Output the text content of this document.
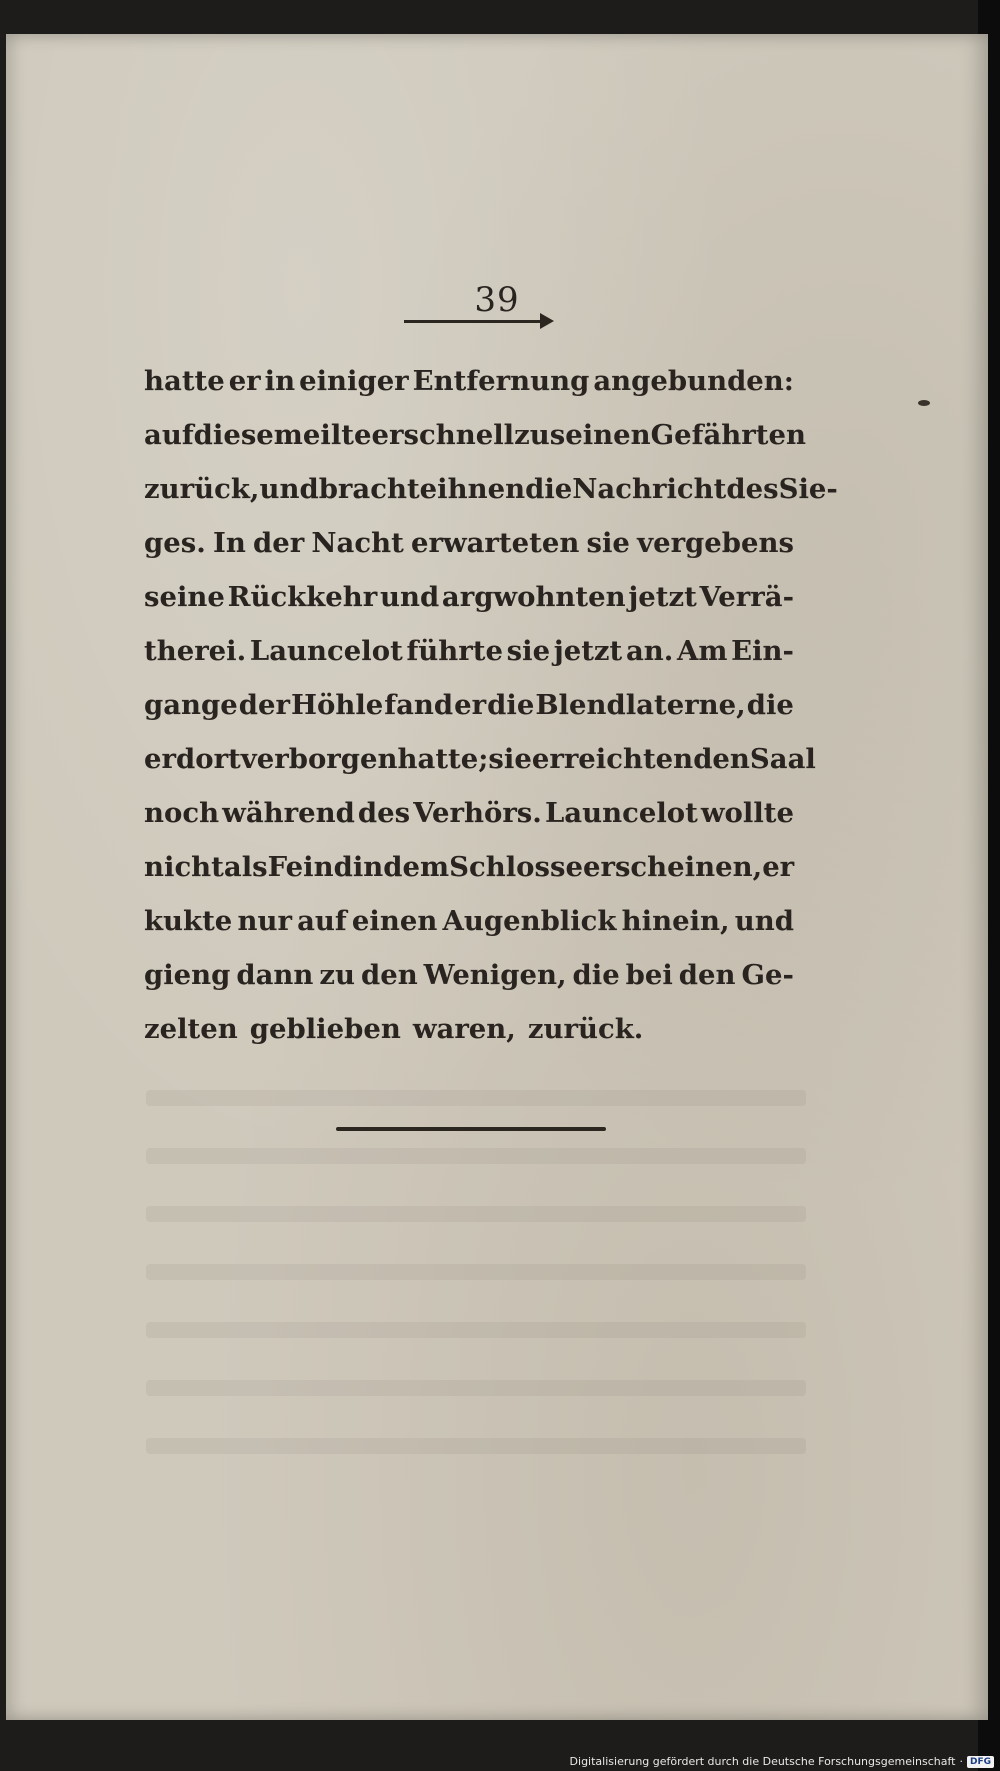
39
hatte er in einiger Entfernung angebunden:
auf diesem eilte er schnell zu seinen Gefährten
zurück, und brachte ihnen die Nachricht des Sie-
ges. In der Nacht erwarteten sie vergebens
seine Rückkehr und argwohnten jetzt Verrä-
therei. Launcelot führte sie jetzt an. Am Ein-
gange der Höhle fand er die Blendlaterne, die
er dort verborgen hatte; sie erreichten den Saal
noch während des Verhörs. Launcelot wollte
nicht als Feind in dem Schlosse erscheinen, er
kukte nur auf einen Augenblick hinein, und
gieng dann zu den Wenigen, die bei den Ge-
zelten geblieben waren, zurück.
Digitalisierung gefördert durch die Deutsche Forschungsgemeinschaft · DFG
